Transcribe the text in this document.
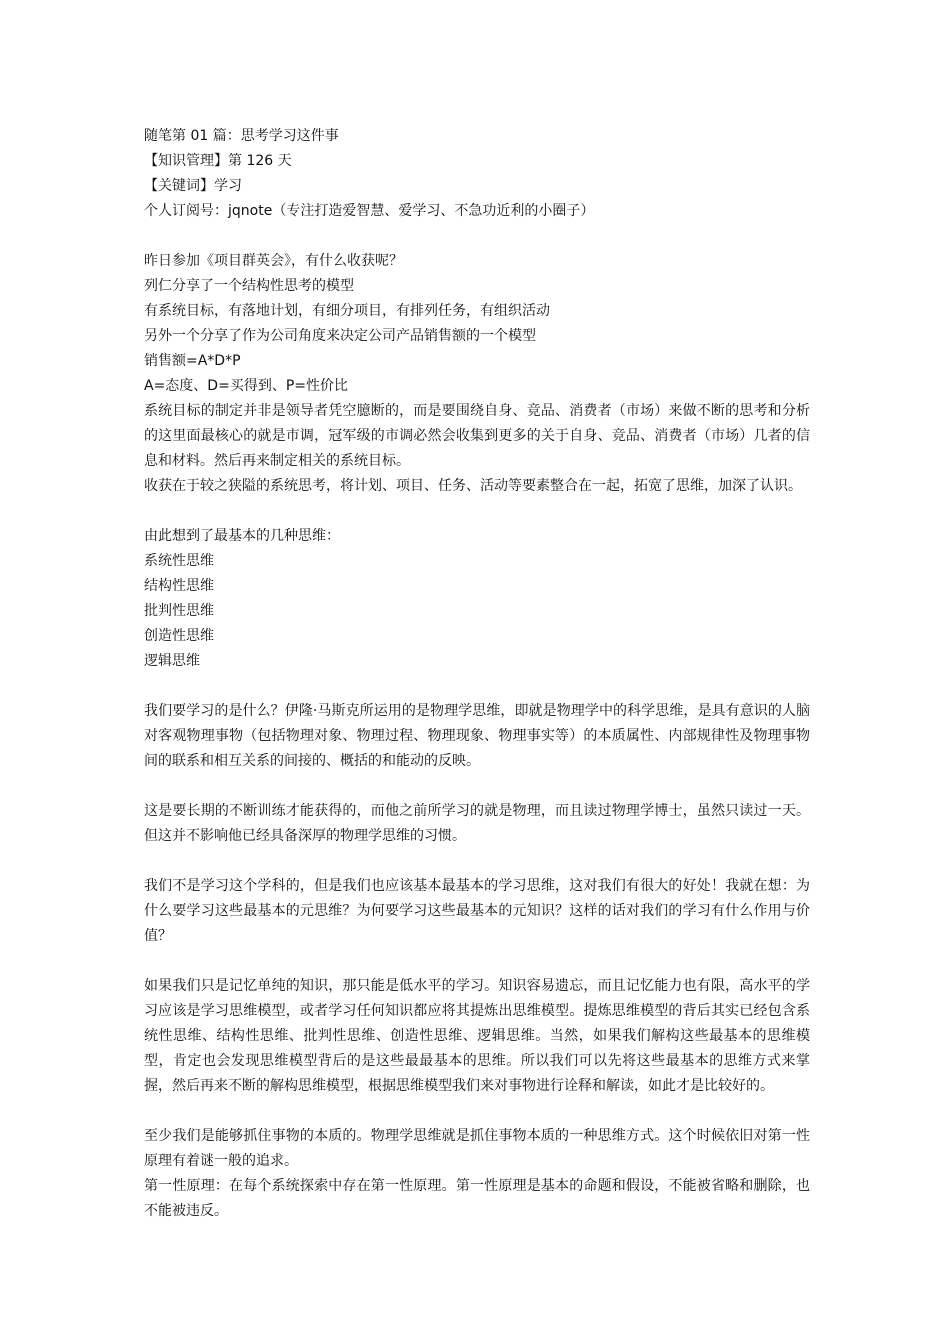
随笔第 01 篇：思考学习这件事
【知识管理】第 126 天
【关键词】学习
个人订阅号：jqnote（专注打造爱智慧、爱学习、不急功近利的小圈子）
昨日参加《项目群英会》，有什么收获呢？
列仁分享了一个结构性思考的模型
有系统目标，有落地计划，有细分项目，有排列任务，有组织活动
另外一个分享了作为公司角度来决定公司产品销售额的一个模型
销售额=A*D*P
A=态度、D=买得到、P=性价比
系统目标的制定并非是领导者凭空臆断的，而是要围绕自身、竞品、消费者（市场）来做不断的思考和分析的这里面最核心的就是市调，冠军级的市调必然会收集到更多的关于自身、竞品、消费者（市场）几者的信息和材料。然后再来制定相关的系统目标。
收获在于较之狭隘的系统思考，将计划、项目、任务、活动等要素整合在一起，拓宽了思维，加深了认识。
由此想到了最基本的几种思维：
系统性思维
结构性思维
批判性思维
创造性思维
逻辑思维
我们要学习的是什么？伊隆·马斯克所运用的是物理学思维，即就是物理学中的科学思维，是具有意识的人脑对客观物理事物（包括物理对象、物理过程、物理现象、物理事实等）的本质属性、内部规律性及物理事物间的联系和相互关系的间接的、概括的和能动的反映。
这是要长期的不断训练才能获得的，而他之前所学习的就是物理，而且读过物理学博士，虽然只读过一天。但这并不影响他已经具备深厚的物理学思维的习惯。
我们不是学习这个学科的，但是我们也应该基本最基本的学习思维，这对我们有很大的好处！我就在想：为什么要学习这些最基本的元思维？为何要学习这些最基本的元知识？这样的话对我们的学习有什么作用与价值？
如果我们只是记忆单纯的知识，那只能是低水平的学习。知识容易遗忘，而且记忆能力也有限，高水平的学习应该是学习思维模型，或者学习任何知识都应将其提炼出思维模型。提炼思维模型的背后其实已经包含系统性思维、结构性思维、批判性思维、创造性思维、逻辑思维。当然，如果我们解构这些最基本的思维模型，肯定也会发现思维模型背后的是这些最最基本的思维。所以我们可以先将这些最基本的思维方式来掌握，然后再来不断的解构思维模型，根据思维模型我们来对事物进行诠释和解读，如此才是比较好的。
至少我们是能够抓住事物的本质的。物理学思维就是抓住事物本质的一种思维方式。这个时候依旧对第一性原理有着谜一般的追求。
第一性原理：在每个系统探索中存在第一性原理。第一性原理是基本的命题和假设，不能被省略和删除，也不能被违反。
